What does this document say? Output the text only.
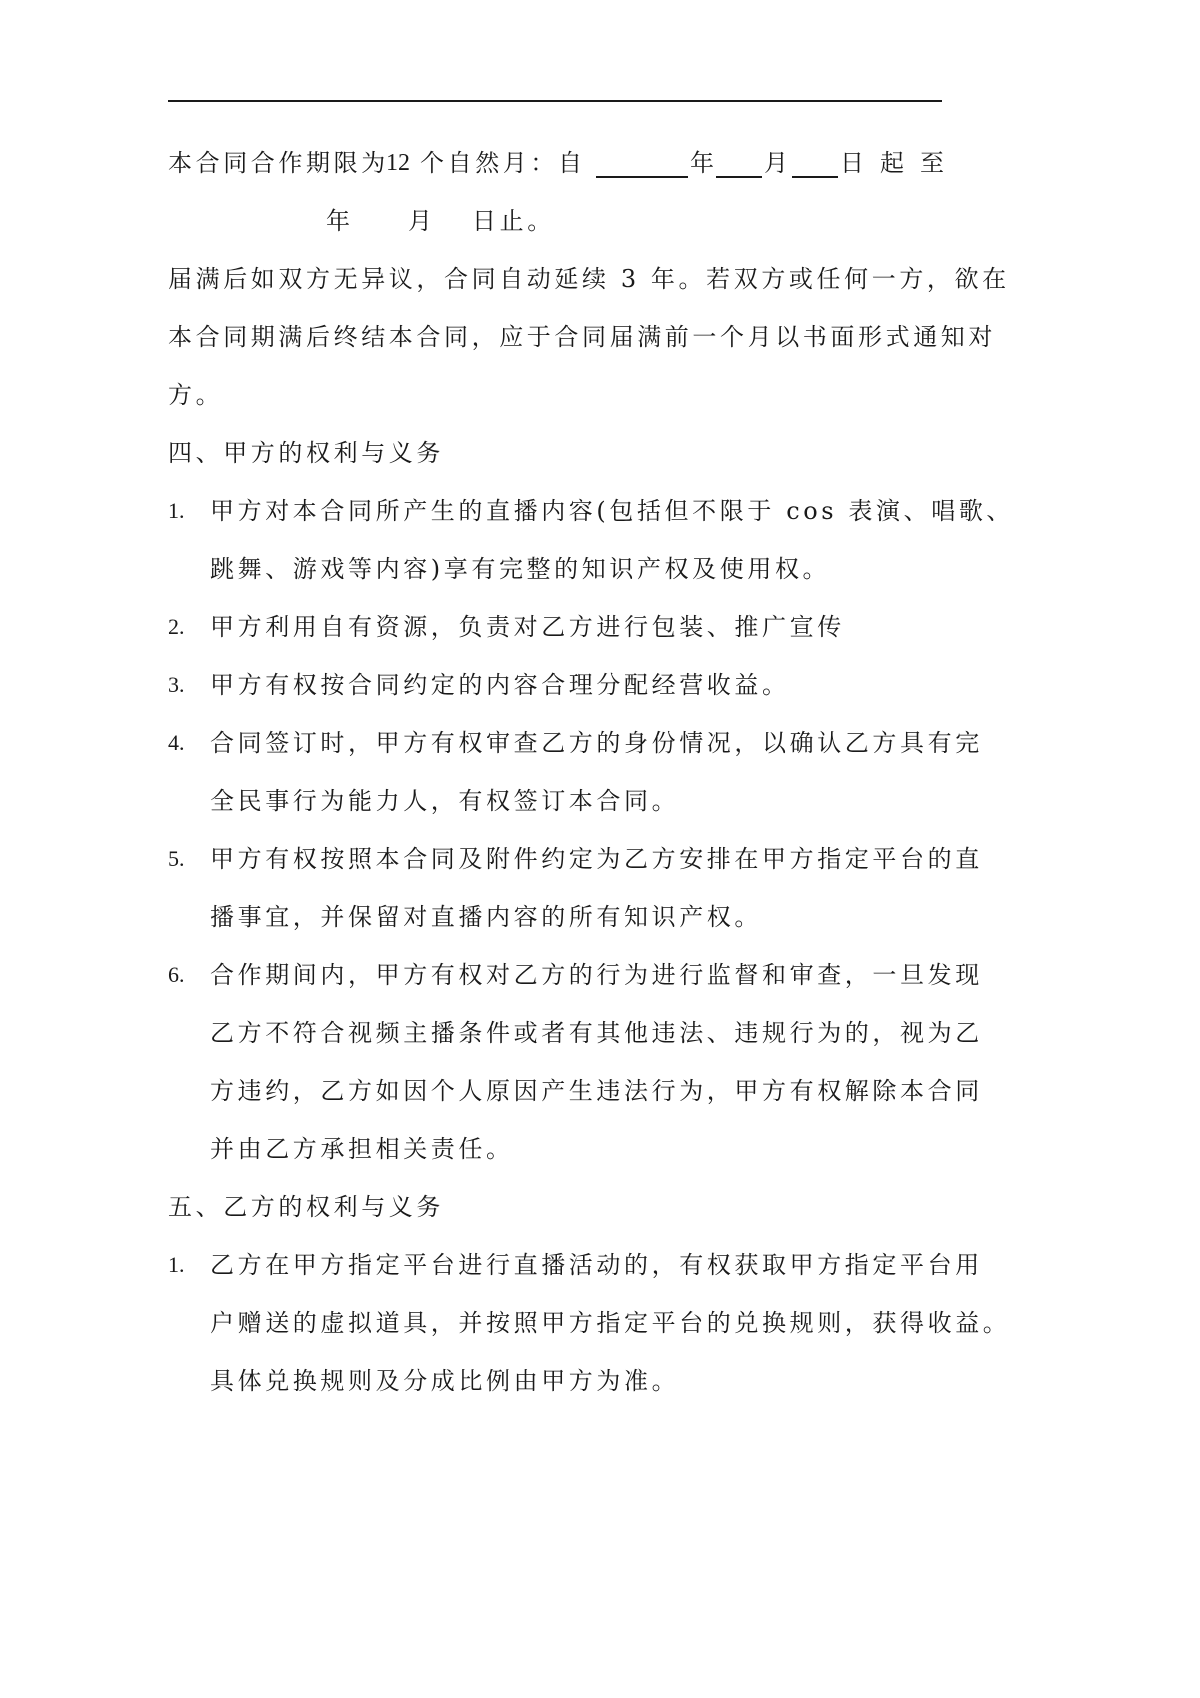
本合同合作期限为
12 个自然月：自	年 月 日 起 至
年 月 日止。
届满后如双方无异议，合同自动延续 3 年。若双方或任何一方，欲在
本合同期满后终结本合同，应于合同届满前一个月以书面形式通知对
方。
四、甲方的权利与义务
1. 甲方对本合同所产生的直播内容(包括但不限于 cos 表演、唱歌、
跳舞、游戏等内容)享有完整的知识产权及使用权。
2. 甲方利用自有资源，负责对乙方进行包装、推广宣传
3. 甲方有权按合同约定的内容合理分配经营收益。
4. 合同签订时，甲方有权审查乙方的身份情况，以确认乙方具有完
全民事行为能力人，有权签订本合同。
5. 甲方有权按照本合同及附件约定为乙方安排在甲方指定平台的直
播事宜，并保留对直播内容的所有知识产权。
6. 合作期间内，甲方有权对乙方的行为进行监督和审查，一旦发现
乙方不符合视频主播条件或者有其他违法、违规行为的，视为乙
方违约，乙方如因个人原因产生违法行为，甲方有权解除本合同
并由乙方承担相关责任。
五、乙方的权利与义务
1. 乙方在甲方指定平台进行直播活动的，有权获取甲方指定平台用
户赠送的虚拟道具，并按照甲方指定平台的兑换规则，获得收益。
具体兑换规则及分成比例由甲方为准。
